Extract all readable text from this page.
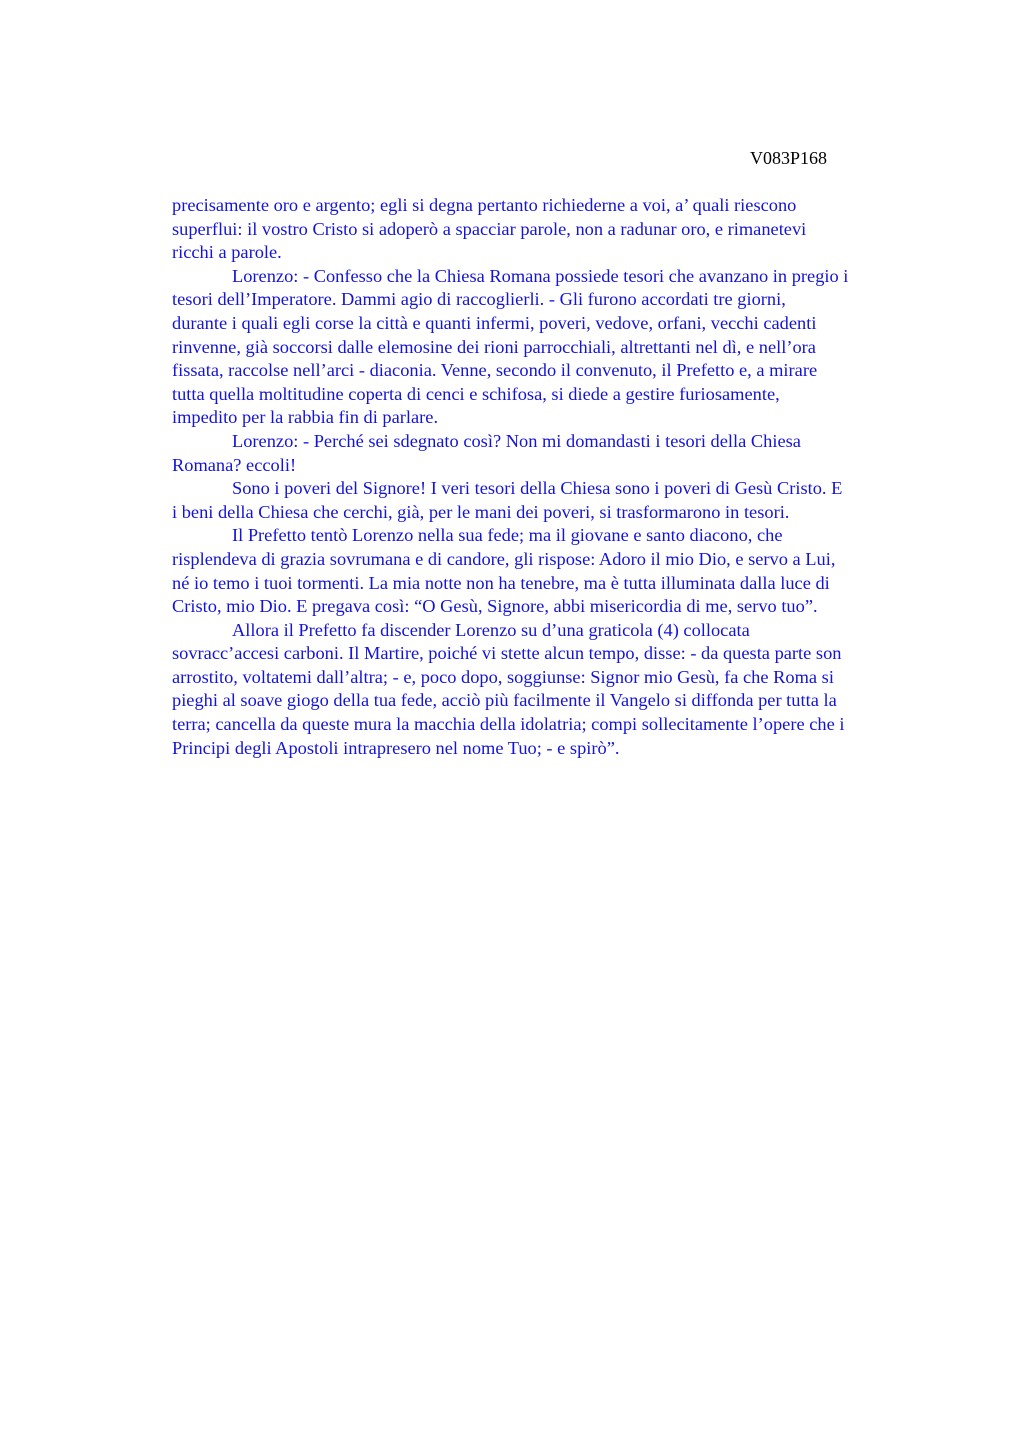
V083P168

precisamente oro e argento; egli si degna pertanto richiederne a voi, a’ quali riescono
superflui: il vostro Cristo si adoperò a spacciar parole, non a radunar oro, e rimanetevi
ricchi a parole.

Lorenzo: - Confesso che la Chiesa Romana possiede tesori che avanzano in pregio i
tesori dell’Imperatore. Dammi agio di raccoglierli. - Gli furono accordati tre giorni,
durante i quali egli corse la città e quanti infermi, poveri, vedove, orfani, vecchi cadenti
rinvenne, già soccorsi dalle elemosine dei rioni parrocchiali, altrettanti nel dì, e nell’ora
fissata, raccolse nell’arci - diaconia. Venne, secondo il convenuto, il Prefetto e, a mirare
tutta quella moltitudine coperta di cenci e schifosa, si diede a gestire furiosamente,
impedito per la rabbia fin di parlare.

Lorenzo: - Perché sei sdegnato così? Non mi domandasti i tesori della Chiesa
Romana? eccoli!

Sono i poveri del Signore! I veri tesori della Chiesa sono i poveri di Gesù Cristo. E
i beni della Chiesa che cerchi, già, per le mani dei poveri, si trasformarono in tesori.

Il Prefetto tentò Lorenzo nella sua fede; ma il giovane e santo diacono, che
risplendeva di grazia sovrumana e di candore, gli rispose: Adoro il mio Dio, e servo a Lui,
né io temo i tuoi tormenti. La mia notte non ha tenebre, ma è tutta illuminata dalla luce di
Cristo, mio Dio. E pregava così: “O Gesù, Signore, abbi misericordia di me, servo tuo”.

Allora il Prefetto fa discender Lorenzo su d’una graticola (4) collocata
sovracc’accesi carboni. Il Martire, poiché vi stette alcun tempo, disse: - da questa parte son
arrostito, voltatemi dall’altra; - e, poco dopo, soggiunse: Signor mio Gesù, fa che Roma si
pieghi al soave giogo della tua fede, acciò più facilmente il Vangelo si diffonda per tutta la
terra; cancella da queste mura la macchia della idolatria; compi sollecitamente l’opere che i
Principi degli Apostoli intrapresero nel nome Tuo; - e spirò”.
